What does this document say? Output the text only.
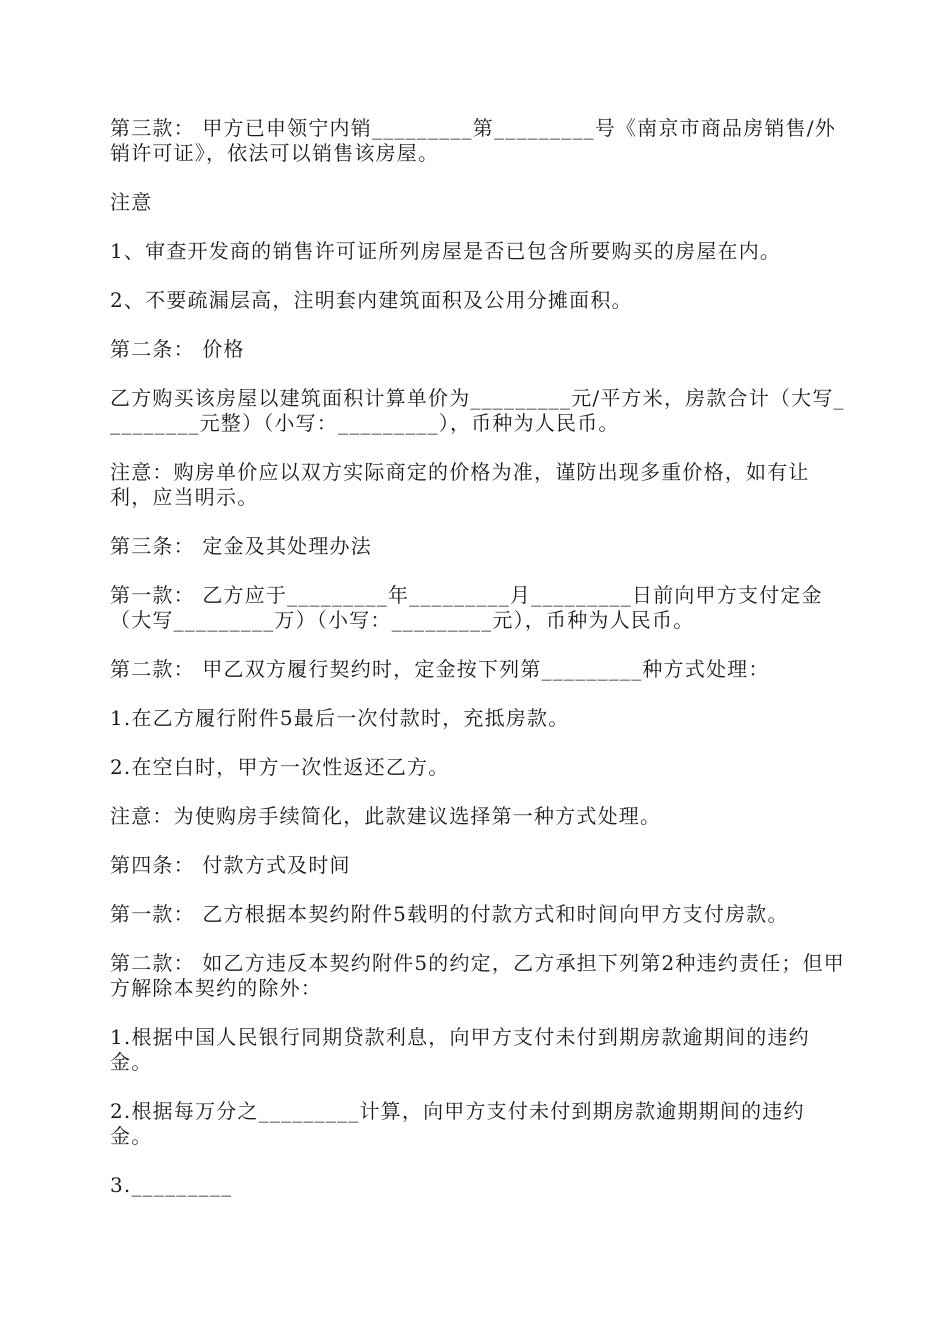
第三款： 甲方已申领宁内销_________第_________号《南京市商品房销售/外销许可证》，依法可以销售该房屋。

注意

1、审查开发商的销售许可证所列房屋是否已包含所要购买的房屋在内。

2、不要疏漏层高，注明套内建筑面积及公用分摊面积。

第二条： 价格

乙方购买该房屋以建筑面积计算单价为_________元/平方米，房款合计（大写_________元整）（小写：_________），币种为人民币。

注意：购房单价应以双方实际商定的价格为准，谨防出现多重价格，如有让利，应当明示。

第三条： 定金及其处理办法

第一款： 乙方应于_________年_________月_________日前向甲方支付定金（大写_________万）（小写：_________元），币种为人民币。

第二款： 甲乙双方履行契约时，定金按下列第_________种方式处理：

1.在乙方履行附件5最后一次付款时，充抵房款。

2.在空白时，甲方一次性返还乙方。

注意：为使购房手续简化，此款建议选择第一种方式处理。

第四条： 付款方式及时间

第一款： 乙方根据本契约附件5载明的付款方式和时间向甲方支付房款。

第二款： 如乙方违反本契约附件5的约定，乙方承担下列第2种违约责任；但甲方解除本契约的除外：

1.根据中国人民银行同期贷款利息，向甲方支付未付到期房款逾期间的违约金。

2.根据每万分之_________计算，向甲方支付未付到期房款逾期期间的违约金。

3._________
